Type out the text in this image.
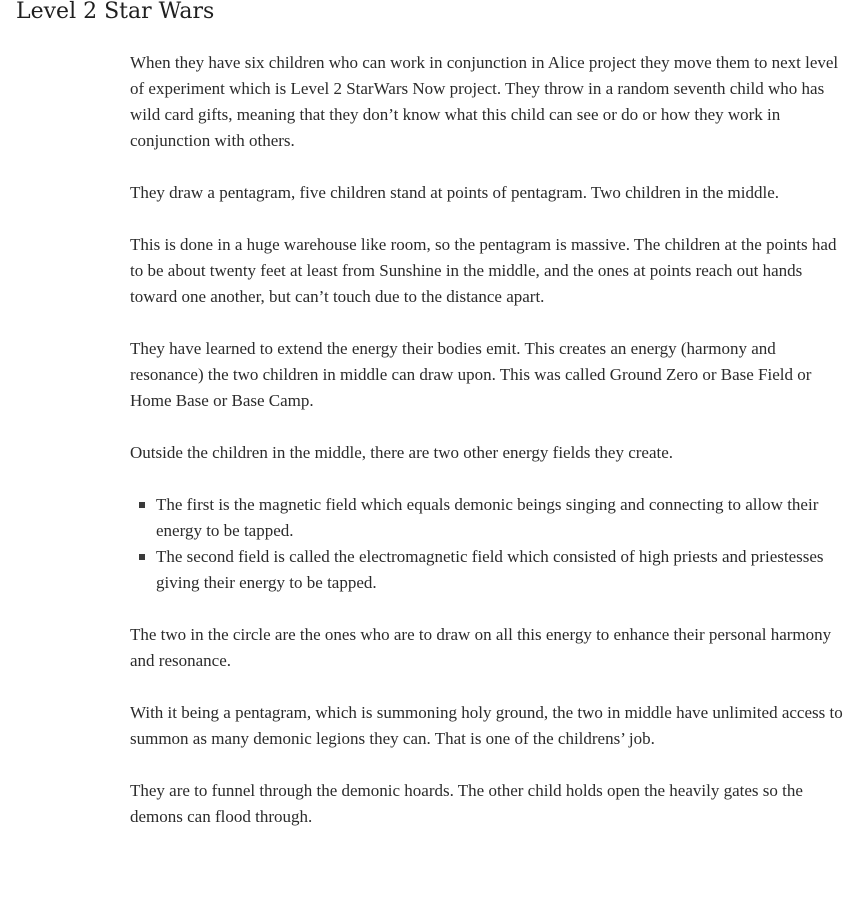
Level 2 Star Wars

When they have six children who can work in conjunction in Alice project they move them to next level of experiment which is Level 2 StarWars Now project. They throw in a random seventh child who has wild card gifts, meaning that they don’t know what this child can see or do or how they work in conjunction with others.

They draw a pentagram, five children stand at points of pentagram. Two children in the middle.

This is done in a huge warehouse like room, so the pentagram is massive. The children at the points had to be about twenty feet at least from Sunshine in the middle, and the ones at points reach out hands toward one another, but can’t touch due to the distance apart.

They have learned to extend the energy their bodies emit. This creates an energy (harmony and resonance) the two children in middle can draw upon. This was called Ground Zero or Base Field or Home Base or Base Camp.

Outside the children in the middle, there are two other energy fields they create.

The first is the magnetic field which equals demonic beings singing and connecting to allow their energy to be tapped.
The second field is called the electromagnetic field which consisted of high priests and priestesses giving their energy to be tapped.

The two in the circle are the ones who are to draw on all this energy to enhance their personal harmony and resonance.

With it being a pentagram, which is summoning holy ground, the two in middle have unlimited access to summon as many demonic legions they can. That is one of the childrens’ job.

They are to funnel through the demonic hoards. The other child holds open the heavily gates so the demons can flood through.
